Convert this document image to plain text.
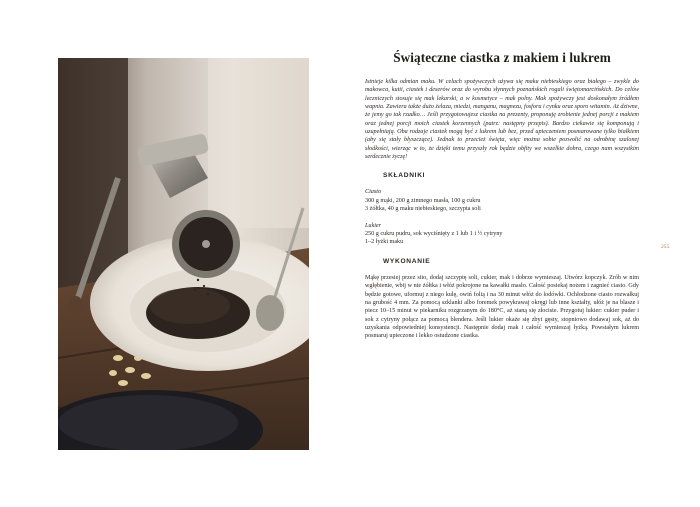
Świąteczne ciastka z makiem i lukrem

Istnieje kilka odmian maku. W celach spożywczych używa się maku niebieskiego oraz białego – zwykle do makowca, kutii, ciastek i deserów oraz do wyrobu słynnych poznańskich rogali świętomarcińskich. Do celów leczniczych stosuje się mak lekarski, a w kosmetyce – mak polny. Mak spożywczy jest doskonałym źródłem wapnia. Zawiera także dużo żelaza, miedzi, manganu, magnezu, fosforu i cynku oraz sporo witamin. Aż dziwne, że jemy go tak rzadko… Jeśli przygotowujesz ciastka na prezenty, proponuję zrobienie jednej porcji z makiem oraz jednej porcji moich ciastek korzennych (patrz: następny przepis). Bardzo ciekawie się komponują i uzupełniają. Oba rodzaje ciastek mogą być z lukrem lub bez, przed upieczeniem posmarowane tylko białkiem (aby się stały błyszczące). Jednak to przecież święta, więc można sobie pozwolić na odrobinę szalonej słodkości, wierząc w to, że dzięki temu przyszły rok będzie obfity we wszelkie dobra, czego nam wszystkim serdecznie życzę!

SKŁADNIKI

Ciasto

300 g mąki, 200 g zimnego masła, 100 g cukru

3 żółtka, 40 g maku niebieskiego, szczypta soli

Lukier

250 g cukru pudru, sok wyciśnięty z 1 lub 1 i ½ cytryny

1–2 łyżki maku

WYKONANIE

Mąkę przesiej przez sito, dodaj szczyptę soli, cukier, mak i dobrze wymieszaj. Utwórz kopczyk. Zrób w nim wgłębienie, wbij w nie żółtka i włóż pokrojone na kawałki masło. Całość posiekaj nożem i zagnieć ciasto. Gdy będzie gotowe, uformuj z niego kulę, owiń folią i na 30 minut włóż do lodówki. Ochłodzone ciasto rozwałkuj na grubość 4 mm. Za pomocą szklanki albo foremek powykrawaj okręgi lub inne kształty, ułóż je na blasze i piecz 10–15 minut w piekarniku rozgrzanym do 180°C, aż staną się złociste. Przygotuj lukier: cukier puder i sok z cytryny połącz za pomocą blendera. Jeśli lukier okaże się zbyt gęsty, stopniowo dodawaj sok, aż do uzyskania odpowiedniej konsystencji. Następnie dodaj mak i całość wymieszaj łyżką. Powstałym lukrem posmaruj upieczone i lekko ostudzone ciastka.

255
